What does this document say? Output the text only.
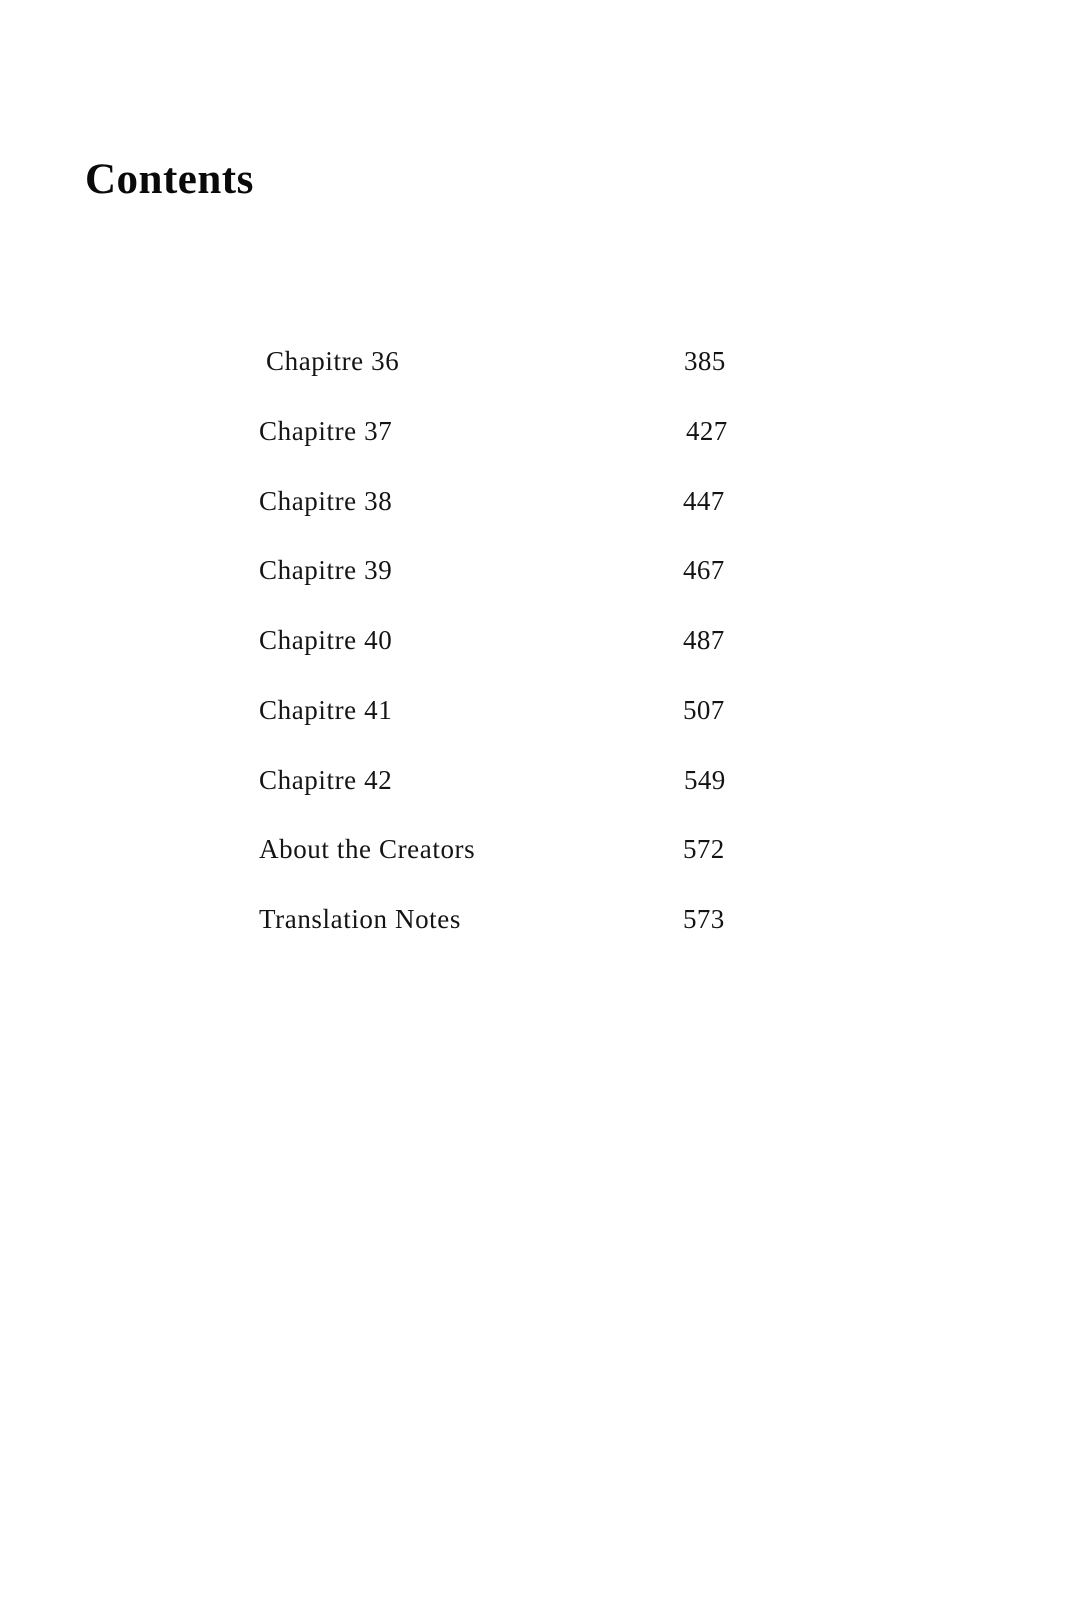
Contents
Chapitre 36	385
Chapitre 37	427
Chapitre 38	447
Chapitre 39	467
Chapitre 40	487
Chapitre 41	507
Chapitre 42	549
About the Creators	572
Translation Notes	573
